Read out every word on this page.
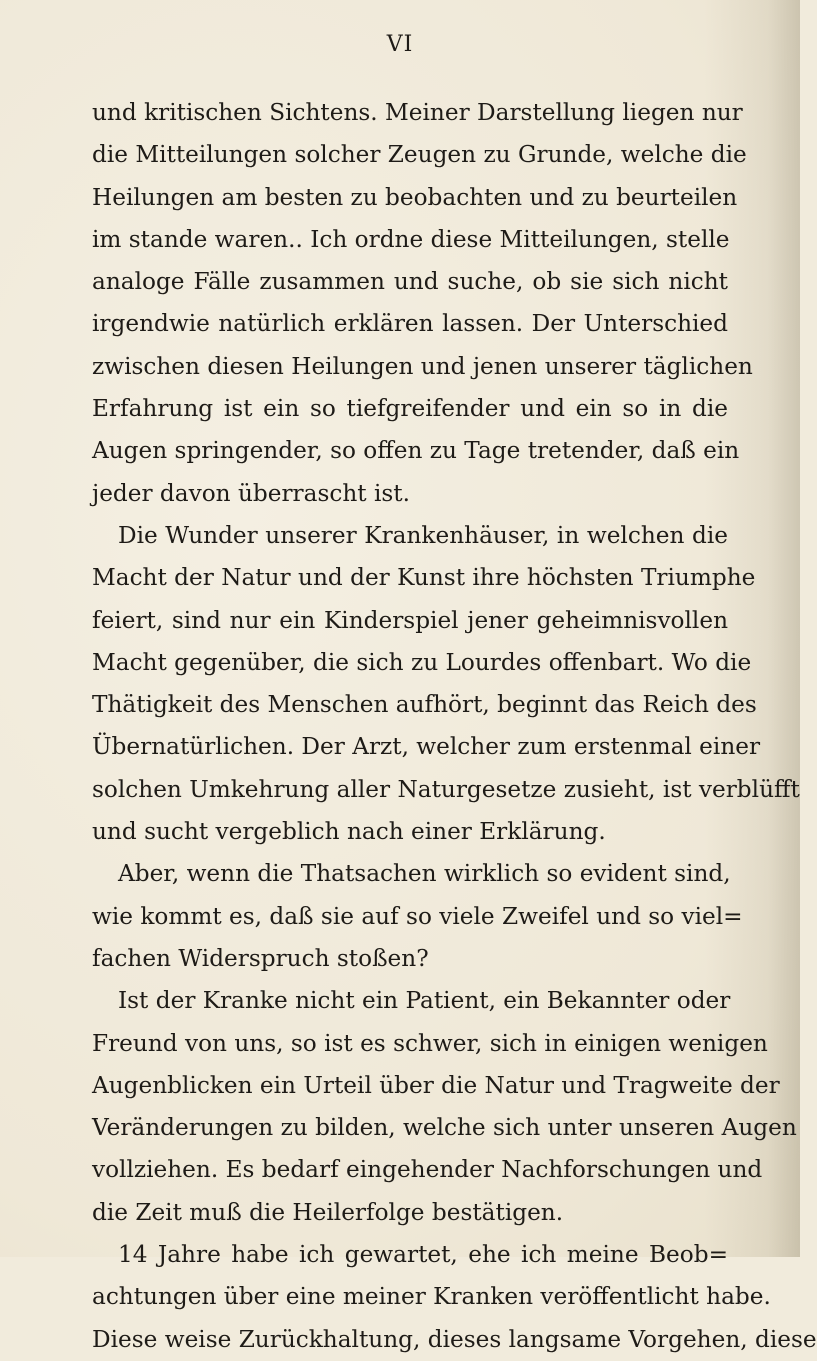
VI
und kritischen Sichtens. Meiner Darstellung liegen nur
die Mitteilungen solcher Zeugen zu Grunde, welche die
Heilungen am besten zu beobachten und zu beurteilen
im stande waren.. Ich ordne diese Mitteilungen, stelle
analoge Fälle zusammen und suche, ob sie sich nicht
irgendwie natürlich erklären lassen. Der Unterschied
zwischen diesen Heilungen und jenen unserer täglichen
Erfahrung ist ein so tiefgreifender und ein so in die
Augen springender, so offen zu Tage tretender, daß ein
jeder davon überrascht ist.
Die Wunder unserer Krankenhäuser, in welchen die
Macht der Natur und der Kunst ihre höchsten Triumphe
feiert, sind nur ein Kinderspiel jener geheimnisvollen
Macht gegenüber, die sich zu Lourdes offenbart. Wo die
Thätigkeit des Menschen aufhört, beginnt das Reich des
Übernatürlichen. Der Arzt, welcher zum erstenmal einer
solchen Umkehrung aller Naturgesetze zusieht, ist verblüfft
und sucht vergeblich nach einer Erklärung.
Aber, wenn die Thatsachen wirklich so evident sind,
wie kommt es, daß sie auf so viele Zweifel und so viel=
fachen Widerspruch stoßen?
Ist der Kranke nicht ein Patient, ein Bekannter oder
Freund von uns, so ist es schwer, sich in einigen wenigen
Augenblicken ein Urteil über die Natur und Tragweite der
Veränderungen zu bilden, welche sich unter unseren Augen
vollziehen. Es bedarf eingehender Nachforschungen und
die Zeit muß die Heilerfolge bestätigen.
14 Jahre habe ich gewartet, ehe ich meine Beob=
achtungen über eine meiner Kranken veröffentlicht habe.
Diese weise Zurückhaltung, dieses langsame Vorgehen, diese
